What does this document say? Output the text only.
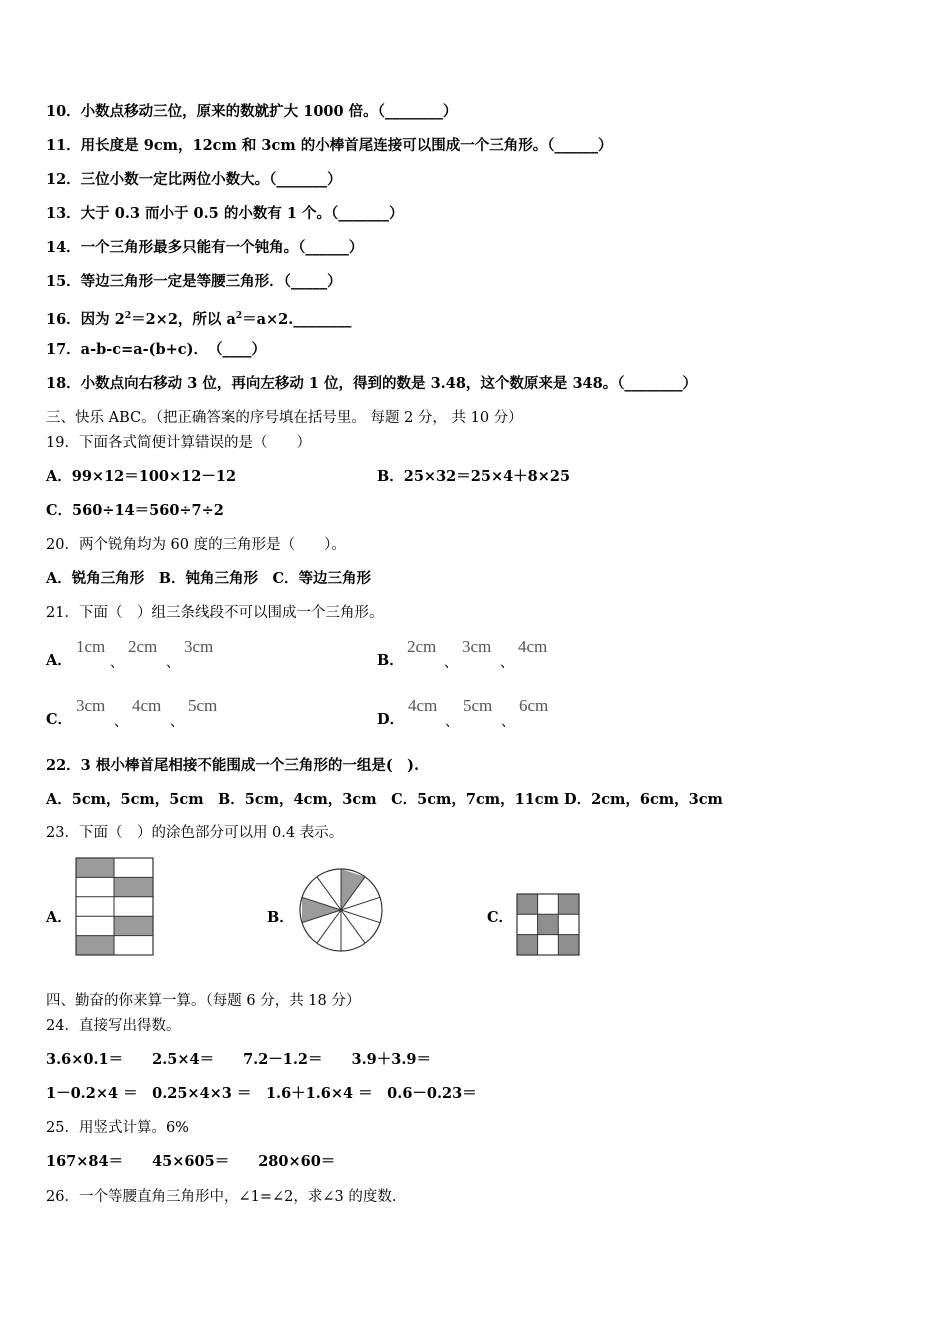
10．小数点移动三位，原来的数就扩大 1000 倍。（________）
11．用长度是 9cm，12cm 和 3cm 的小棒首尾连接可以围成一个三角形。（______）
12．三位小数一定比两位小数大。（_______）
13．大于 0.3 而小于 0.5 的小数有 1 个。（_______）
14．一个三角形最多只能有一个钝角。（______）
15．等边三角形一定是等腰三角形．（_____）
16．因为 $2^2=2\times 2$，所以 $a^2=a\times 2.\_\_\_\_\_\_\_\_$
17．a-b-c=a-(b+c)．　（____）
18．小数点向右移动 3 位，再向左移动 1 位，得到的数是 3.48，这个数原来是 348。（________）
三、快乐 ABC。（把正确答案的序号填在括号里。 每题 2 分， 共 10 分）
19．下面各式简便计算错误的是（　　）
A．99×12＝100×12－12	B．25×32＝25×4＋8×25
C．560÷14＝560÷7÷2
20．两个锐角均为 60 度的三角形是（　　）。
A．锐角三角形　B．钝角三角形　C．等边三角形
21．下面（　）组三条线段不可以围成一个三角形。
A．
1cm
、
2cm
、
3cm
B．
2cm
、
3cm
、
4cm
C．
3cm
、
4cm
、
5cm
D．
4cm
、
5cm
、
6cm
22．3 根小棒首尾相接不能围成一个三角形的一组是(　).
A．5cm，5cm，5cm　B．5cm，4cm，3cm　C．5cm，7cm，11cm D．2cm，6cm，3cm
23．下面（　）的涂色部分可以用 0.4 表示。
A．	B．	C．
四、勤奋的你来算一算。（每题 6 分，共 18 分）
24．直接写出得数。
3.6×0.1＝　　2.5×4＝　　7.2－1.2＝　　3.9＋3.9＝
1－0.2×4 ＝　0.25×4×3 ＝　1.6＋1.6×4 ＝　0.6－0.23＝
25．用竖式计算。6%
167×84＝　　45×605＝　　280×60＝
26．一个等腰直角三角形中，∠1=∠2，求∠3 的度数.
